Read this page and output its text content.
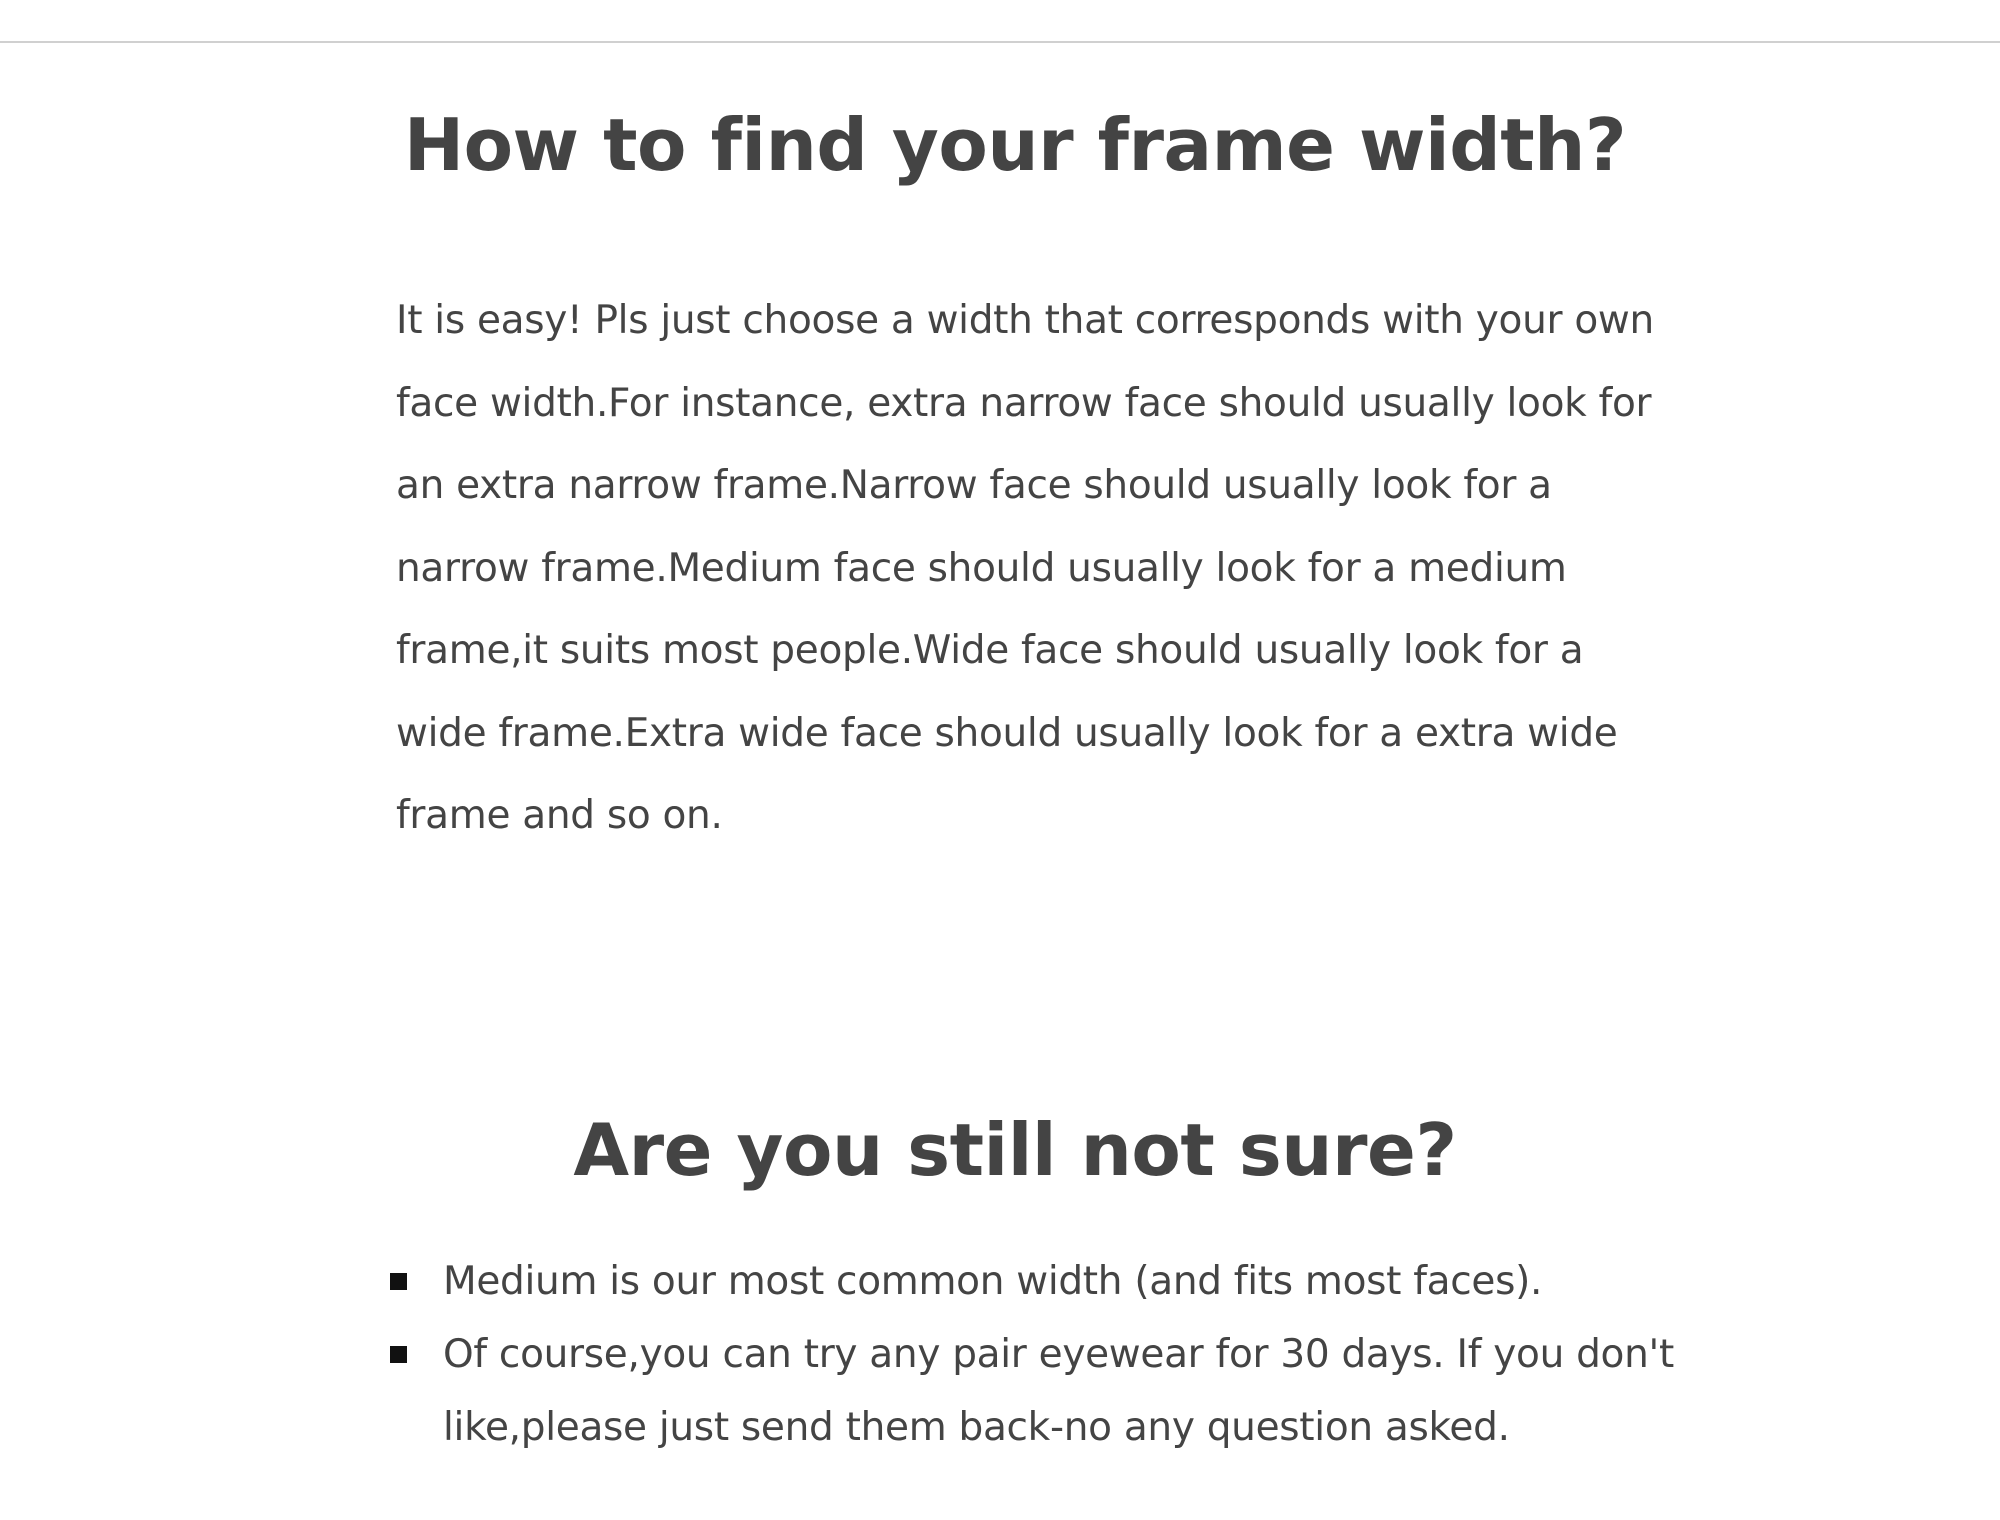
How to find your frame width?

It is easy! Pls just choose a width that corresponds with your own face width.For instance, extra narrow face should usually look for an extra narrow frame.Narrow face should usually look for a narrow frame.Medium face should usually look for a medium frame,it suits most people.Wide face should usually look for a wide frame.Extra wide face should usually look for a extra wide frame and so on.

Are you still not sure?
Medium is our most common width (and fits most faces).
Of course,you can try any pair eyewear for 30 days. If you don't like,please just send them back-no any question asked.
